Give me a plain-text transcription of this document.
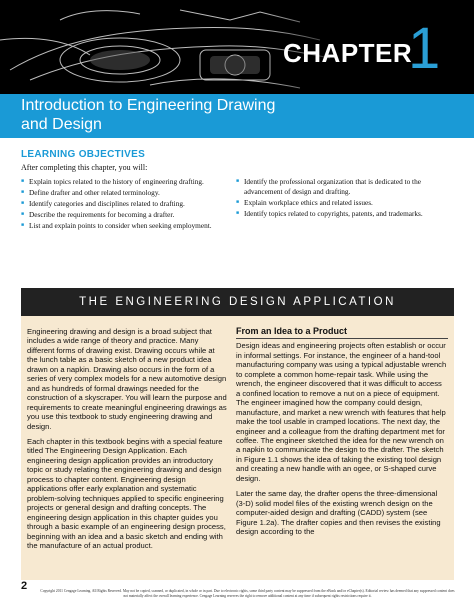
CHAPTER
1
Introduction to Engineering Drawing
and Design
LEARNING OBJECTIVES
After completing this chapter, you will:
■ Explain topics related to the history of engineering drafting.
■ Define drafter and other related terminology.
■ Identify categories and disciplines related to drafting.
■ Describe the requirements for becoming a drafter.
■ List and explain points to consider when seeking employment.
■ Identify the professional organization that is dedicated to the advancement of design and drafting.
■ Explain workplace ethics and related issues.
■ Identify topics related to copyrights, patents, and trademarks.
THE ENGINEERING DESIGN APPLICATION

Engineering drawing and design is a broad subject that includes a wide range of theory and practice. Many different forms of drawing exist. Drawing occurs while at the lunch table as a basic sketch of a new product idea drawn on a napkin. Drawing also occurs in the form of a series of very complex models for a new automotive design and as hundreds of formal drawings needed for the construction of a skyscraper. You will learn the purpose and requirements to create meaningful engineering drawings as you use this textbook to study engineering drawing and design.

Each chapter in this textbook begins with a special feature titled The Engineering Design Application. Each engineering design application provides an introductory topic or study relating the engineering drawing and design process to chapter content. Engineering design applications offer early explanation and systematic problem-solving techniques applied to specific engineering projects or general design and drafting concepts. The engineering design application in this chapter guides you through a basic example of an engineering design process, beginning with an idea and a basic sketch and ending with the manufacture of an actual product.

From an Idea to a Product

Design ideas and engineering projects often establish or occur in informal settings. For instance, the engineer of a hand-tool manufacturing company was using a typical adjustable wrench to complete a common home-repair task. While using the wrench, the engineer discovered that it was difficult to access a confined location to remove a nut on a piece of equipment. The engineer imagined how the company could design, manufacture, and market a new wrench with features that help make the tool usable in cramped locations. The next day, the engineer and a colleague from the drafting department met for coffee. The engineer sketched the idea for the new wrench on a napkin to communicate the design to the drafter. The sketch in Figure 1.1 shows the idea of taking the existing tool design and creating a new handle with an ogee, or S-shaped curve design.

Later the same day, the drafter opens the three-dimensional (3-D) solid model files of the existing wrench design on the computer-aided design and drafting (CADD) system (see Figure 1.2a). The drafter copies and then revises the existing design according to the

2	Copyright 2011 Cengage Learning. All Rights Reserved. May not be copied, scanned, or duplicated, in whole or in part. Due to electronic rights, some third party content may be suppressed from the eBook and/or eChapter(s). Editorial review has deemed that any suppressed content does not materially affect the overall learning experience. Cengage Learning reserves the right to remove additional content at any time if subsequent rights restrictions require it.
